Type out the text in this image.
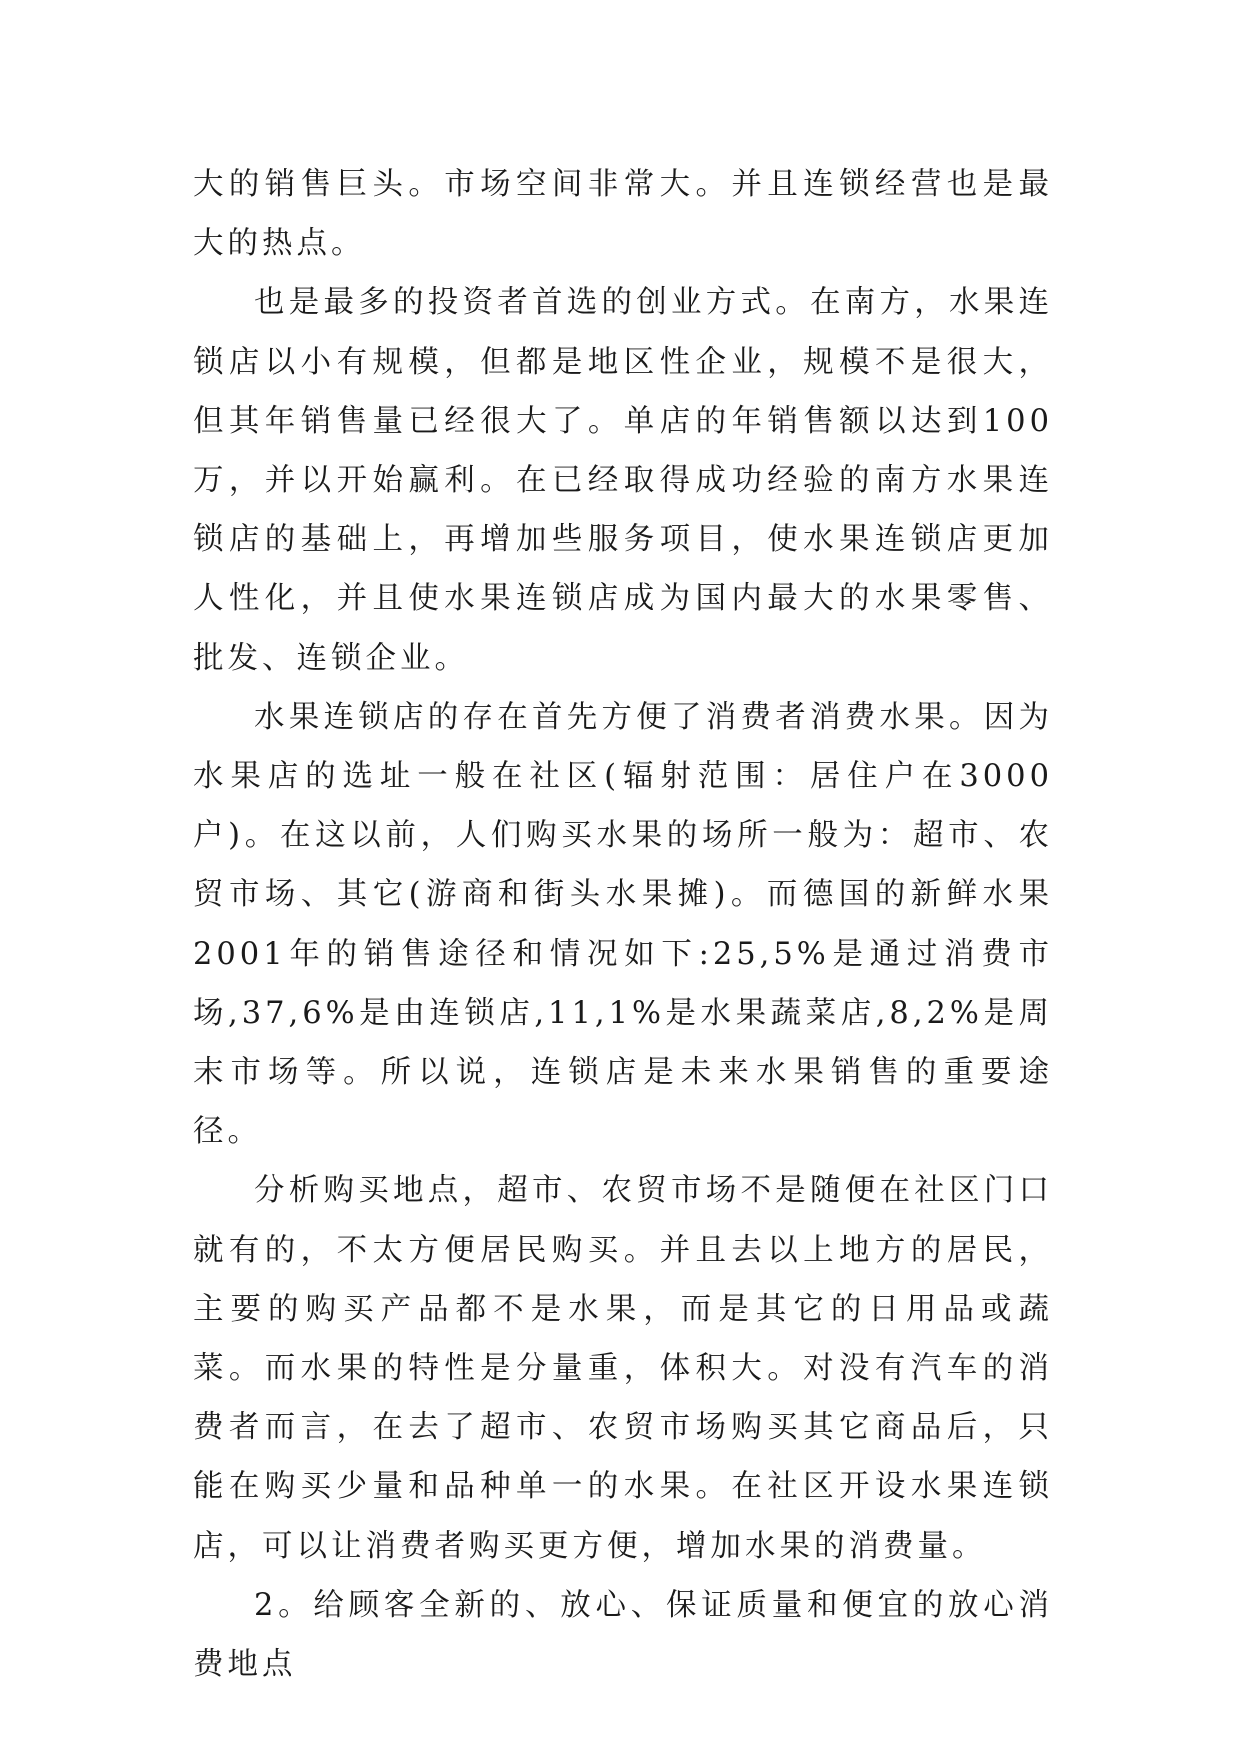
大的销售巨头。市场空间非常大。并且连锁经营也是最大的热点。

也是最多的投资者首选的创业方式。在南方，水果连锁店以小有规模，但都是地区性企业，规模不是很大，但其年销售量已经很大了。单店的年销售额以达到100万，并以开始赢利。在已经取得成功经验的南方水果连锁店的基础上，再增加些服务项目，使水果连锁店更加人性化，并且使水果连锁店成为国内最大的水果零售、批发、连锁企业。

水果连锁店的存在首先方便了消费者消费水果。因为水果店的选址一般在社区(辐射范围：居住户在3000户)。在这以前，人们购买水果的场所一般为：超市、农贸市场、其它(游商和街头水果摊)。而德国的新鲜水果2001年的销售途径和情况如下:25,5%是通过消费市场,37,6%是由连锁店,11,1%是水果蔬菜店,8,2%是周末市场等。所以说，连锁店是未来水果销售的重要途径。

分析购买地点，超市、农贸市场不是随便在社区门口就有的，不太方便居民购买。并且去以上地方的居民，主要的购买产品都不是水果，而是其它的日用品或蔬菜。而水果的特性是分量重，体积大。对没有汽车的消费者而言，在去了超市、农贸市场购买其它商品后，只能在购买少量和品种单一的水果。在社区开设水果连锁店，可以让消费者购买更方便，增加水果的消费量。

2。给顾客全新的、放心、保证质量和便宜的放心消费地点
